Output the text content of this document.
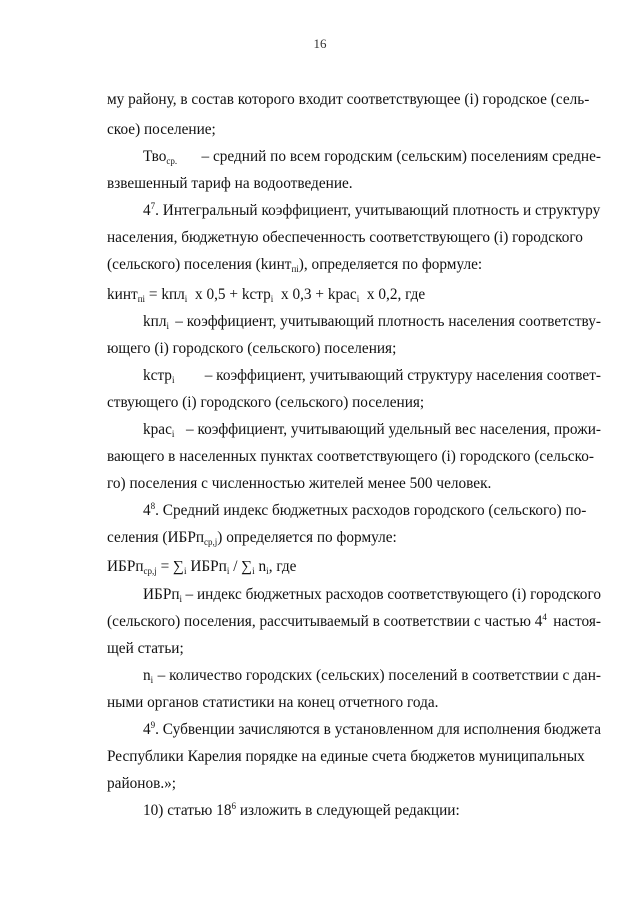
16
му району, в состав которого входит соответствующее (i) городское (сель-
ское) поселение;
Тво$_{ср.}$ – средний по всем городским (сельским) поселениям средне-
взвешенный тариф на водоотведение.
$4^7$. Интегральный коэффициент, учитывающий плотность и структуру
населения, бюджетную обеспеченность соответствующего (i) городского
(сельского) поселения (kинт$_{пi}$), определяется по формуле:
kинт$_{пi}$ = kпл$_i$ x 0,5 + kстр$_i$ x 0,3 + kрас$_i$ x 0,2, где
kпл$_i$ – коэффициент, учитывающий плотность населения соответству-
ющего (i) городского (сельского) поселения;
kстр$_i$ – коэффициент, учитывающий структуру населения соответ-
ствующего (i) городского (сельского) поселения;
kрас$_i$ – коэффициент, учитывающий удельный вес населения, прожи-
вающего в населенных пунктах соответствующего (i) городского (сельско-
го) поселения с численностью жителей менее 500 человек.
$4^8$. Средний индекс бюджетных расходов городского (сельского) по-
селения (ИБРп$_{ср,j}$) определяется по формуле:
ИБРп$_{ср,j}$ = $\sum_i$ ИБРп$_i$ / $\sum_i$ $n_i$, где
ИБРп$_i$ – индекс бюджетных расходов соответствующего (i) городского
(сельского) поселения, рассчитываемый в соответствии с частью $4^4$ настоя-
щей статьи;
$n_i$ – количество городских (сельских) поселений в соответствии с дан-
ными органов статистики на конец отчетного года.
$4^9$. Субвенции зачисляются в установленном для исполнения бюджета
Республики Карелия порядке на единые счета бюджетов муниципальных
районов.»;
10) статью $18^6$ изложить в следующей редакции:
